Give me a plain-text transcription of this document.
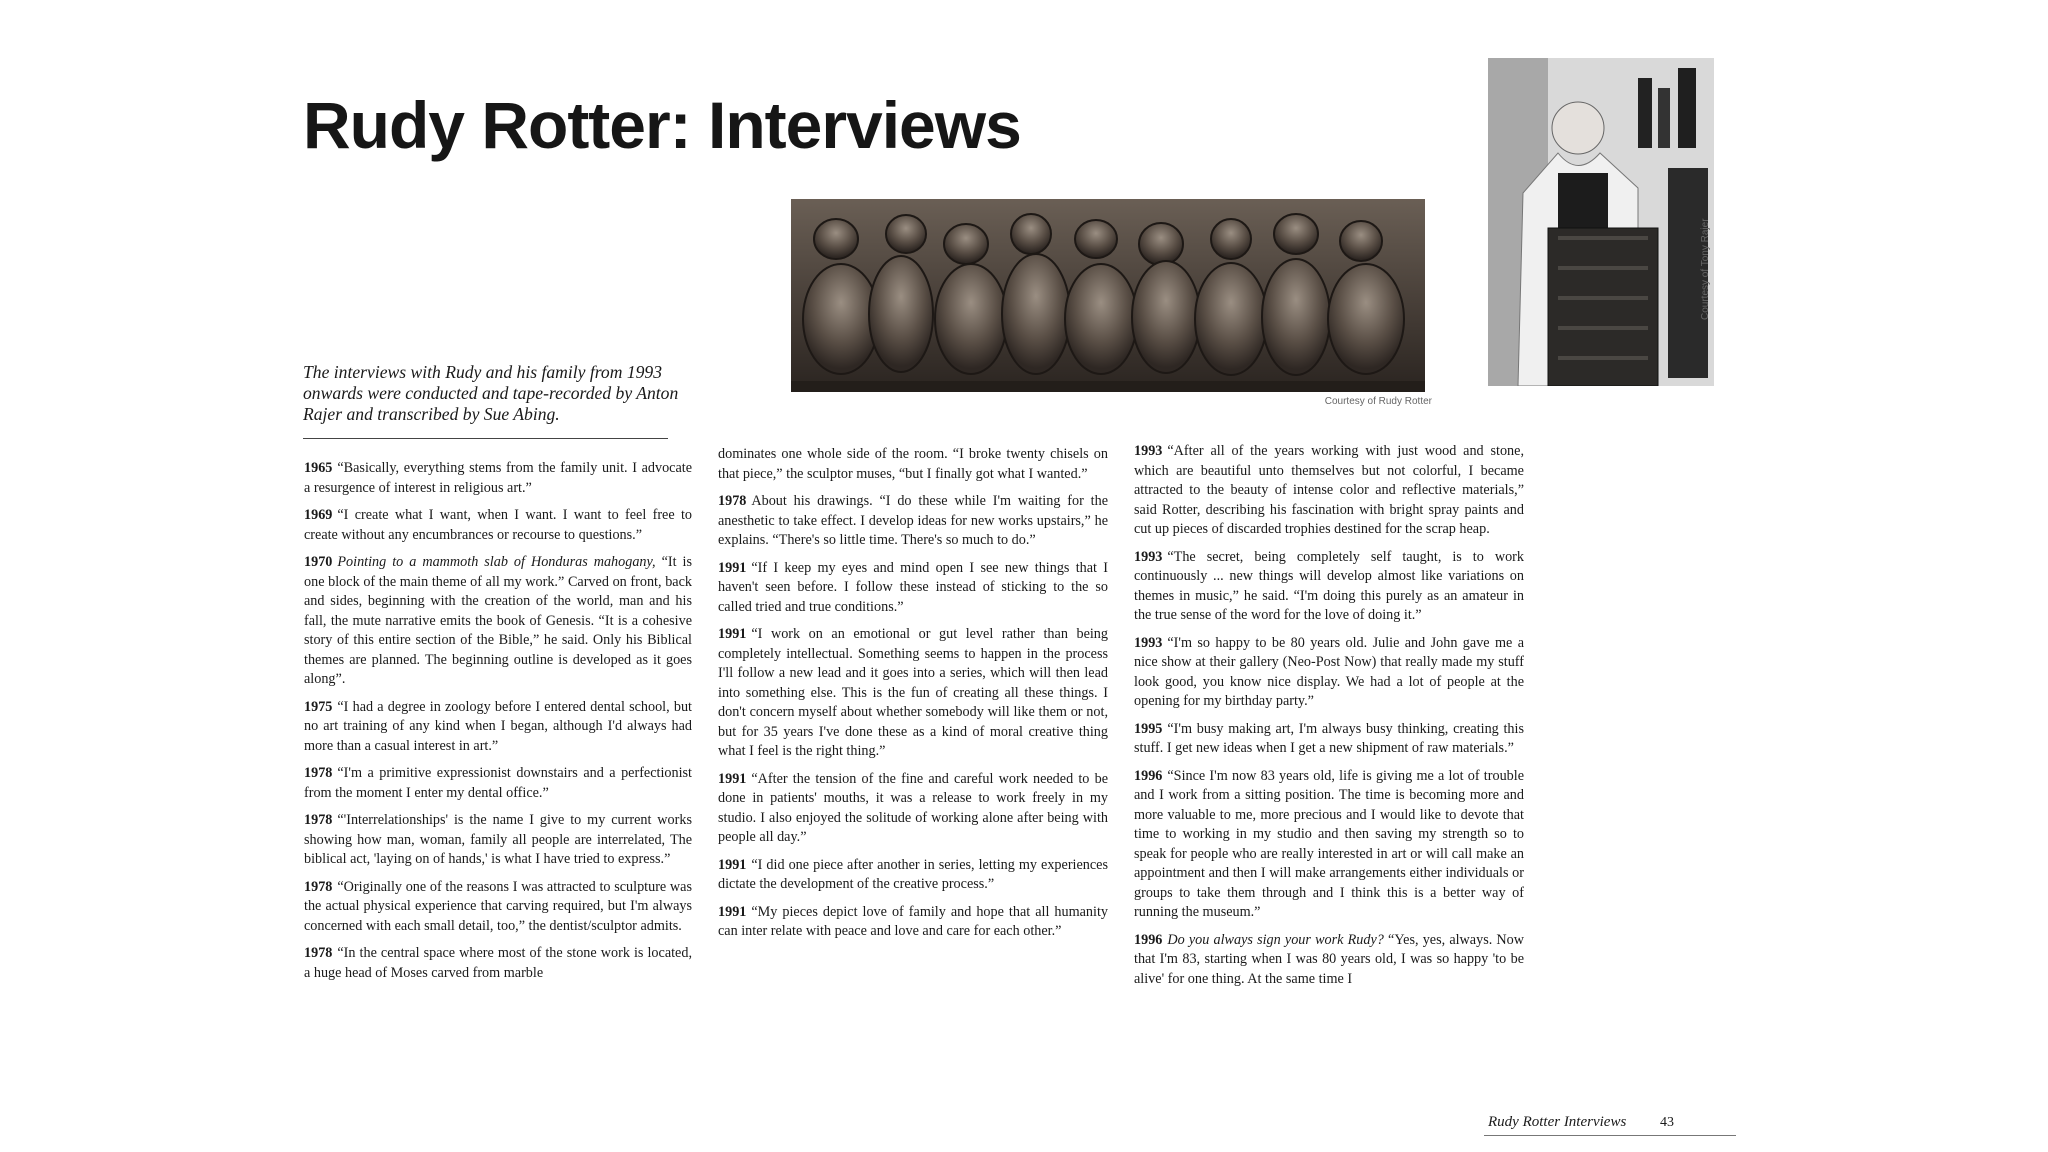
Rudy Rotter: Interviews
Courtesy of Rudy Rotter
Courtesy of Tony Rajer
The interviews with Rudy and his family from 1993 onwards were conducted and tape-recorded by Anton Rajer and transcribed by Sue Abing.

1965 “Basically, everything stems from the family unit. I advocate a resurgence of interest in religious art.”

1969 “I create what I want, when I want. I want to feel free to create without any encumbrances or recourse to questions.”

1970 Pointing to a mammoth slab of Honduras mahogany, “It is one block of the main theme of all my work.” Carved on front, back and sides, beginning with the creation of the world, man and his fall, the mute narrative emits the book of Genesis. “It is a cohesive story of this entire section of the Bible,” he said. Only his Biblical themes are planned. The beginning outline is developed as it goes along”.

1975 “I had a degree in zoology before I entered dental school, but no art training of any kind when I began, although I'd always had more than a casual interest in art.”

1978 “I'm a primitive expressionist downstairs and a perfectionist from the moment I enter my dental office.”

1978 “'Interrelationships' is the name I give to my current works showing how man, woman, family all people are interrelated, The biblical act, 'laying on of hands,' is what I have tried to express.”

1978 “Originally one of the reasons I was attracted to sculpture was the actual physical experience that carving required, but I'm always concerned with each small detail, too,” the dentist/sculptor admits.

1978 “In the central space where most of the stone work is located, a huge head of Moses carved from marble

dominates one whole side of the room. “I broke twenty chisels on that piece,” the sculptor muses, “but I finally got what I wanted.”

1978 About his drawings. “I do these while I'm waiting for the anesthetic to take effect. I develop ideas for new works upstairs,” he explains. “There's so little time. There's so much to do.”

1991 “If I keep my eyes and mind open I see new things that I haven't seen before. I follow these instead of sticking to the so called tried and true conditions.”

1991 “I work on an emotional or gut level rather than being completely intellectual. Something seems to happen in the process I'll follow a new lead and it goes into a series, which will then lead into something else. This is the fun of creating all these things. I don't concern myself about whether somebody will like them or not, but for 35 years I've done these as a kind of moral creative thing what I feel is the right thing.”

1991 “After the tension of the fine and careful work needed to be done in patients' mouths, it was a release to work freely in my studio. I also enjoyed the solitude of working alone after being with people all day.”

1991 “I did one piece after another in series, letting my experiences dictate the development of the creative process.”

1991 “My pieces depict love of family and hope that all humanity can inter relate with peace and love and care for each other.”

1993 “After all of the years working with just wood and stone, which are beautiful unto themselves but not colorful, I became attracted to the beauty of intense color and reflective materials,” said Rotter, describing his fascination with bright spray paints and cut up pieces of discarded trophies destined for the scrap heap.

1993 “The secret, being completely self taught, is to work continuously ... new things will develop almost like variations on themes in music,” he said. “I'm doing this purely as an amateur in the true sense of the word for the love of doing it.”

1993 “I'm so happy to be 80 years old. Julie and John gave me a nice show at their gallery (Neo-Post Now) that really made my stuff look good, you know nice display. We had a lot of people at the opening for my birthday party.”

1995 “I'm busy making art, I'm always busy thinking, creating this stuff. I get new ideas when I get a new shipment of raw materials.”

1996 “Since I'm now 83 years old, life is giving me a lot of trouble and I work from a sitting position. The time is becoming more and more valuable to me, more precious and I would like to devote that time to working in my studio and then saving my strength so to speak for people who are really interested in art or will call make an appointment and then I will make arrangements either individuals or groups to take them through and I think this is a better way of running the museum.”

1996 Do you always sign your work Rudy? “Yes, yes, always. Now that I'm 83, starting when I was 80 years old, I was so happy 'to be alive' for one thing. At the same time I

Rudy Rotter Interviews 43
